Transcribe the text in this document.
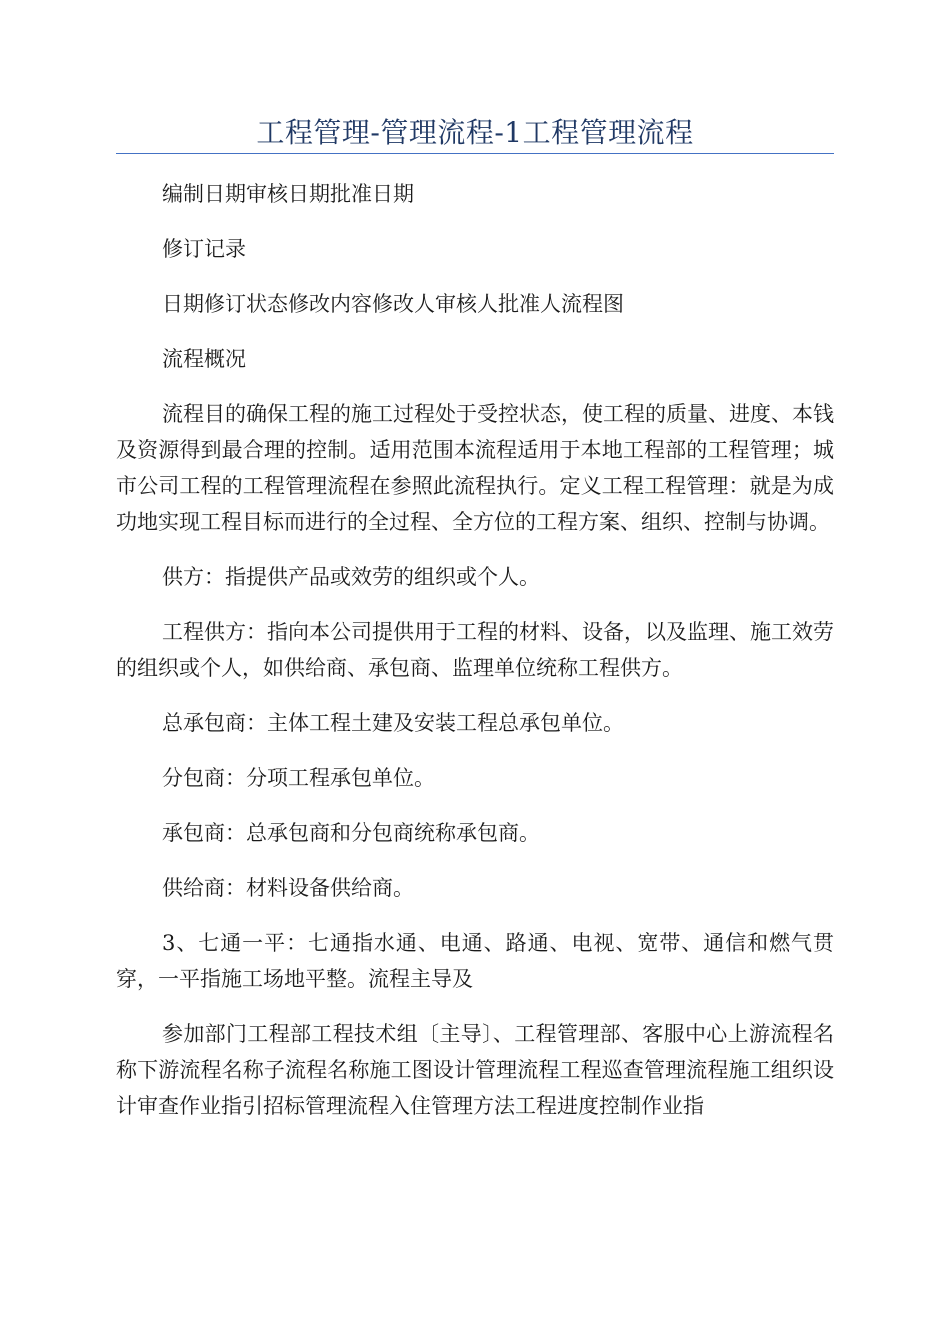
工程管理-管理流程-1工程管理流程

编制日期审核日期批准日期

修订记录

日期修订状态修改内容修改人审核人批准人流程图

流程概况

流程目的确保工程的施工过程处于受控状态，使工程的质量、进度、本钱及资源得到最合理的控制。适用范围本流程适用于本地工程部的工程管理；城市公司工程的工程管理流程在参照此流程执行。定义工程工程管理：就是为成功地实现工程目标而进行的全过程、全方位的工程方案、组织、控制与协调。

供方：指提供产品或效劳的组织或个人。

工程供方：指向本公司提供用于工程的材料、设备，以及监理、施工效劳的组织或个人，如供给商、承包商、监理单位统称工程供方。

总承包商：主体工程土建及安装工程总承包单位。

分包商：分项工程承包单位。

承包商：总承包商和分包商统称承包商。

供给商：材料设备供给商。

3、七通一平：七通指水通、电通、路通、电视、宽带、通信和燃气贯穿，一平指施工场地平整。流程主导及

参加部门工程部工程技术组〔主导〕、工程管理部、客服中心上游流程名称下游流程名称子流程名称施工图设计管理流程工程巡查管理流程施工组织设计审查作业指引招标管理流程入住管理方法工程进度控制作业指
